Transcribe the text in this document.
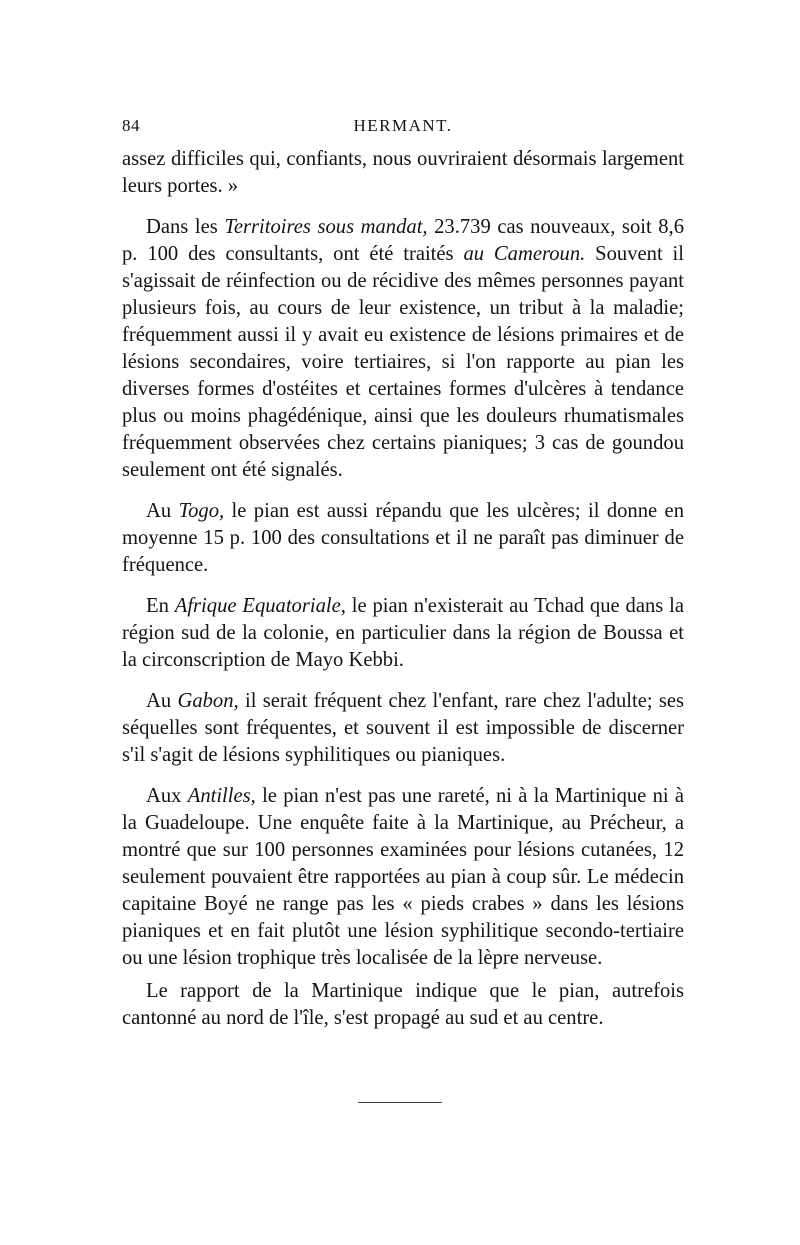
84	HERMANT.

assez difficiles qui, confiants, nous ouvriraient désormais largement leurs portes. »

Dans les Territoires sous mandat, 23.739 cas nouveaux, soit 8,6 p. 100 des consultants, ont été traités au Cameroun. Souvent il s'agissait de réinfection ou de récidive des mêmes personnes payant plusieurs fois, au cours de leur existence, un tribut à la maladie; fréquemment aussi il y avait eu existence de lésions primaires et de lésions secondaires, voire tertiaires, si l'on rapporte au pian les diverses formes d'ostéites et certaines formes d'ulcères à tendance plus ou moins phagédénique, ainsi que les douleurs rhumatismales fréquemment observées chez certains pianiques; 3 cas de goundou seulement ont été signalés.

Au Togo, le pian est aussi répandu que les ulcères; il donne en moyenne 15 p. 100 des consultations et il ne paraît pas diminuer de fréquence.

En Afrique Equatoriale, le pian n'existerait au Tchad que dans la région sud de la colonie, en particulier dans la région de Boussa et la circonscription de Mayo Kebbi.

Au Gabon, il serait fréquent chez l'enfant, rare chez l'adulte; ses séquelles sont fréquentes, et souvent il est impossible de discerner s'il s'agit de lésions syphilitiques ou pianiques.

Aux Antilles, le pian n'est pas une rareté, ni à la Martinique ni à la Guadeloupe. Une enquête faite à la Martinique, au Précheur, a montré que sur 100 personnes examinées pour lésions cutanées, 12 seulement pouvaient être rapportées au pian à coup sûr. Le médecin capitaine Boyé ne range pas les « pieds crabes » dans les lésions pianiques et en fait plutôt une lésion syphilitique secondo-tertiaire ou une lésion trophique très localisée de la lèpre nerveuse.

Le rapport de la Martinique indique que le pian, autrefois cantonné au nord de l'île, s'est propagé au sud et au centre.
